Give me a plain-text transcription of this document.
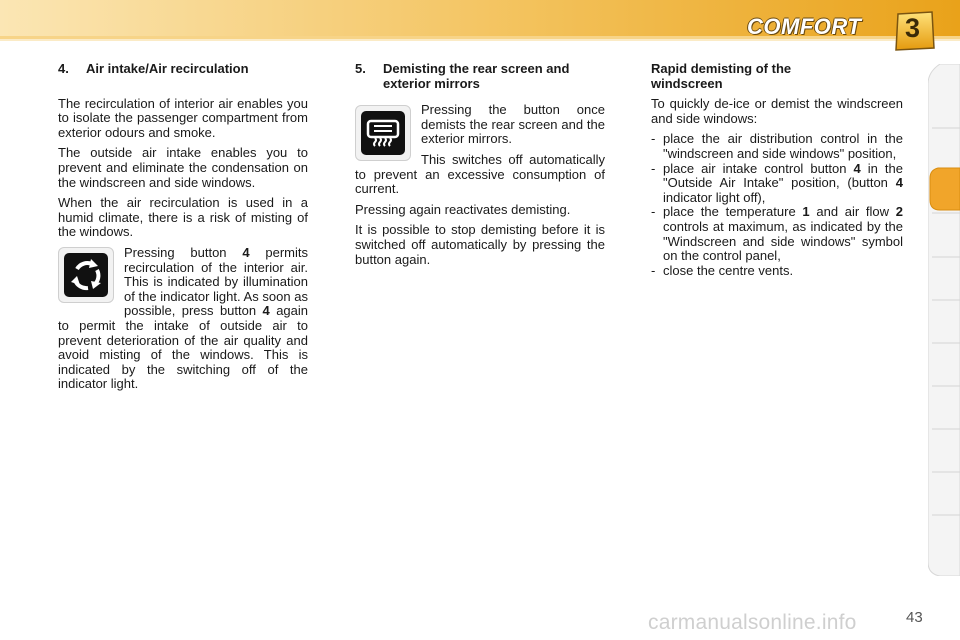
COMFORT 3
4. Air intake/Air recirculation

The recirculation of interior air enables you to isolate the passenger compartment from exterior odours and smoke.

The outside air intake enables you to prevent and eliminate the condensation on the windscreen and side windows.

When the air recirculation is used in a humid climate, there is a risk of misting of the windows.

Pressing button 4 permits recirculation of the interior air. This is indicated by illumination of the indicator light. As soon as possible, press button 4 again to permit the intake of outside air to prevent deterioration of the air quality and avoid misting of the windows. This is indicated by the switching off of the indicator light.

5. Demisting the rear screen and exterior mirrors

Pressing the button once demists the rear screen and the exterior mirrors.

This switches off automatically to prevent an excessive consumption of current.

Pressing again reactivates demisting.

It is possible to stop demisting before it is switched off automatically by pressing the button again.

Rapid demisting of the windscreen

To quickly de-ice or demist the windscreen and side windows:

- place the air distribution control in the "windscreen and side windows" position,
- place air intake control button 4 in the "Outside Air Intake" position, (button 4 indicator light off),
- place the temperature 1 and air flow 2 controls at maximum, as indicated by the "Windscreen and side windows" symbol on the control panel,
- close the centre vents.
43
carmanualsonline.info
